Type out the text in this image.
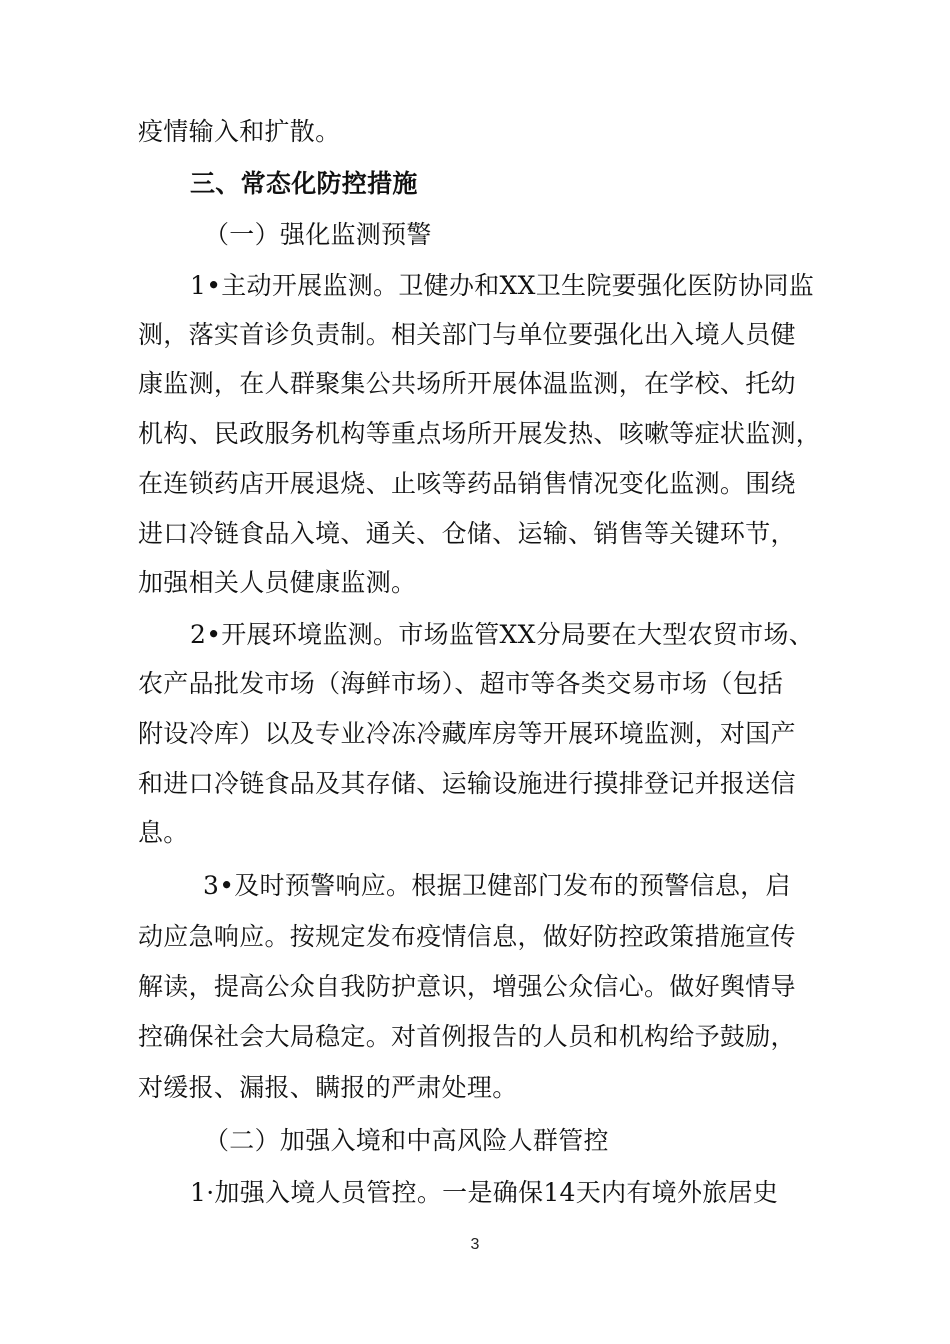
疫情输入和扩散。
三、常态化防控措施
（一）强化监测预警
1•主动开展监测。卫健办和XX卫生院要强化医防协同监
测，落实首诊负责制。相关部门与单位要强化出入境人员健
康监测，在人群聚集公共场所开展体温监测，在学校、托幼
机构、民政服务机构等重点场所开展发热、咳嗽等症状监测，
在连锁药店开展退烧、止咳等药品销售情况变化监测。围绕
进口冷链食品入境、通关、仓储、运输、销售等关键环节，
加强相关人员健康监测。
2•开展环境监测。市场监管XX分局要在大型农贸市场、
农产品批发市场（海鲜市场）、超市等各类交易市场（包括
附设冷库）以及专业冷冻冷藏库房等开展环境监测，对国产
和进口冷链食品及其存储、运输设施进行摸排登记并报送信
息。
3•及时预警响应。根据卫健部门发布的预警信息，启
动应急响应。按规定发布疫情信息，做好防控政策措施宣传
解读，提高公众自我防护意识，增强公众信心。做好舆情导
控确保社会大局稳定。对首例报告的人员和机构给予鼓励，
对缓报、漏报、瞒报的严肃处理。
（二）加强入境和中高风险人群管控
1·加强入境人员管控。一是确保14天内有境外旅居史
3
